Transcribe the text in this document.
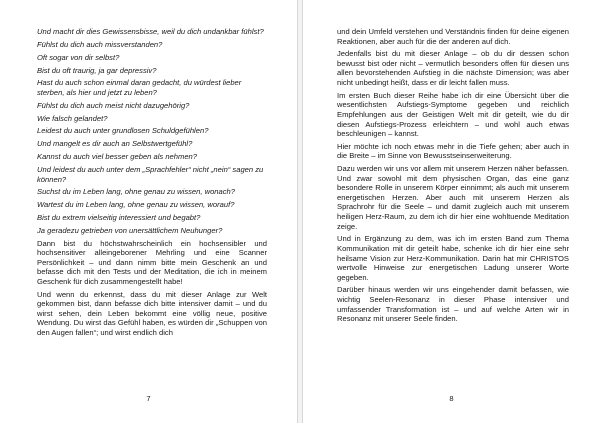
Und macht dir dies Gewissensbisse, weil du dich undankbar fühlst?
Fühlst du dich auch missverstanden?
Oft sogar von dir selbst?
Bist du oft traurig, ja gar depressiv?
Hast du auch schon einmal daran gedacht, du würdest lieber sterben, als hier und jetzt zu leben?
Fühlst du dich auch meist nicht dazugehörig?
Wie falsch gelandet?
Leidest du auch unter grundlosen Schuldgefühlen?
Und mangelt es dir auch an Selbstwertgefühl?
Kannst du auch viel besser geben als nehmen?
Und leidest du auch unter dem „Sprachfehler“ nicht „nein“ sagen zu können?
Suchst du im Leben lang, ohne genau zu wissen, wonach?
Wartest du im Leben lang, ohne genau zu wissen, worauf?
Bist du extrem vielseitig interessiert und begabt?
Ja geradezu getrieben von unersättlichem Neuhunger?
Dann bist du höchstwahrscheinlich ein hochsensibler und hochsensitiver alleingeborener Mehrling und eine Scanner Persönlichkeit – und dann nimm bitte mein Geschenk an und befasse dich mit den Tests und der Meditation, die ich in meinem Geschenk für dich zusammengestellt habe!
Und wenn du erkennst, dass du mit dieser Anlage zur Welt gekommen bist, dann befasse dich bitte intensiver damit – und du wirst sehen, dein Leben bekommt eine völlig neue, positive Wendung. Du wirst das Gefühl haben, es würden dir „Schuppen von den Augen fallen“; und wirst endlich dich
7
und dein Umfeld verstehen und Verständnis finden für deine eigenen Reaktionen, aber auch für die der anderen auf dich.
Jedenfalls bist du mit dieser Anlage – ob du dir dessen schon bewusst bist oder nicht – vermutlich besonders offen für diesen uns allen bevorstehenden Aufstieg in die nächste Dimension; was aber nicht unbedingt heißt, dass er dir leicht fallen muss.
Im ersten Buch dieser Reihe habe ich dir eine Übersicht über die wesentlichsten Aufstiegs-Symptome gegeben und reichlich Empfehlungen aus der Geistigen Welt mit dir geteilt, wie du dir diesen Aufstiegs-Prozess erleichtern – und wohl auch etwas beschleunigen – kannst.
Hier möchte ich noch etwas mehr in die Tiefe gehen; aber auch in die Breite – im Sinne von Bewusstseinserweiterung.
Dazu werden wir uns vor allem mit unserem Herzen näher befassen. Und zwar sowohl mit dem physischen Organ, das eine ganz besondere Rolle in unserem Körper einnimmt; als auch mit unserem energetischen Herzen. Aber auch mit unserem Herzen als Sprachrohr für die Seele – und damit zugleich auch mit unserem heiligen Herz-Raum, zu dem ich dir hier eine wohltuende Meditation zeige.
Und in Ergänzung zu dem, was ich im ersten Band zum Thema Kommunikation mit dir geteilt habe, schenke ich dir hier eine sehr heilsame Vision zur Herz-Kommunikation. Darin hat mir CHRISTOS wertvolle Hinweise zur energetischen Ladung unserer Worte gegeben.
Darüber hinaus werden wir uns eingehender damit befassen, wie wichtig Seelen-Resonanz in dieser Phase intensiver und umfassender Transformation ist – und auf welche Arten wir in Resonanz mit unserer Seele finden.
8
